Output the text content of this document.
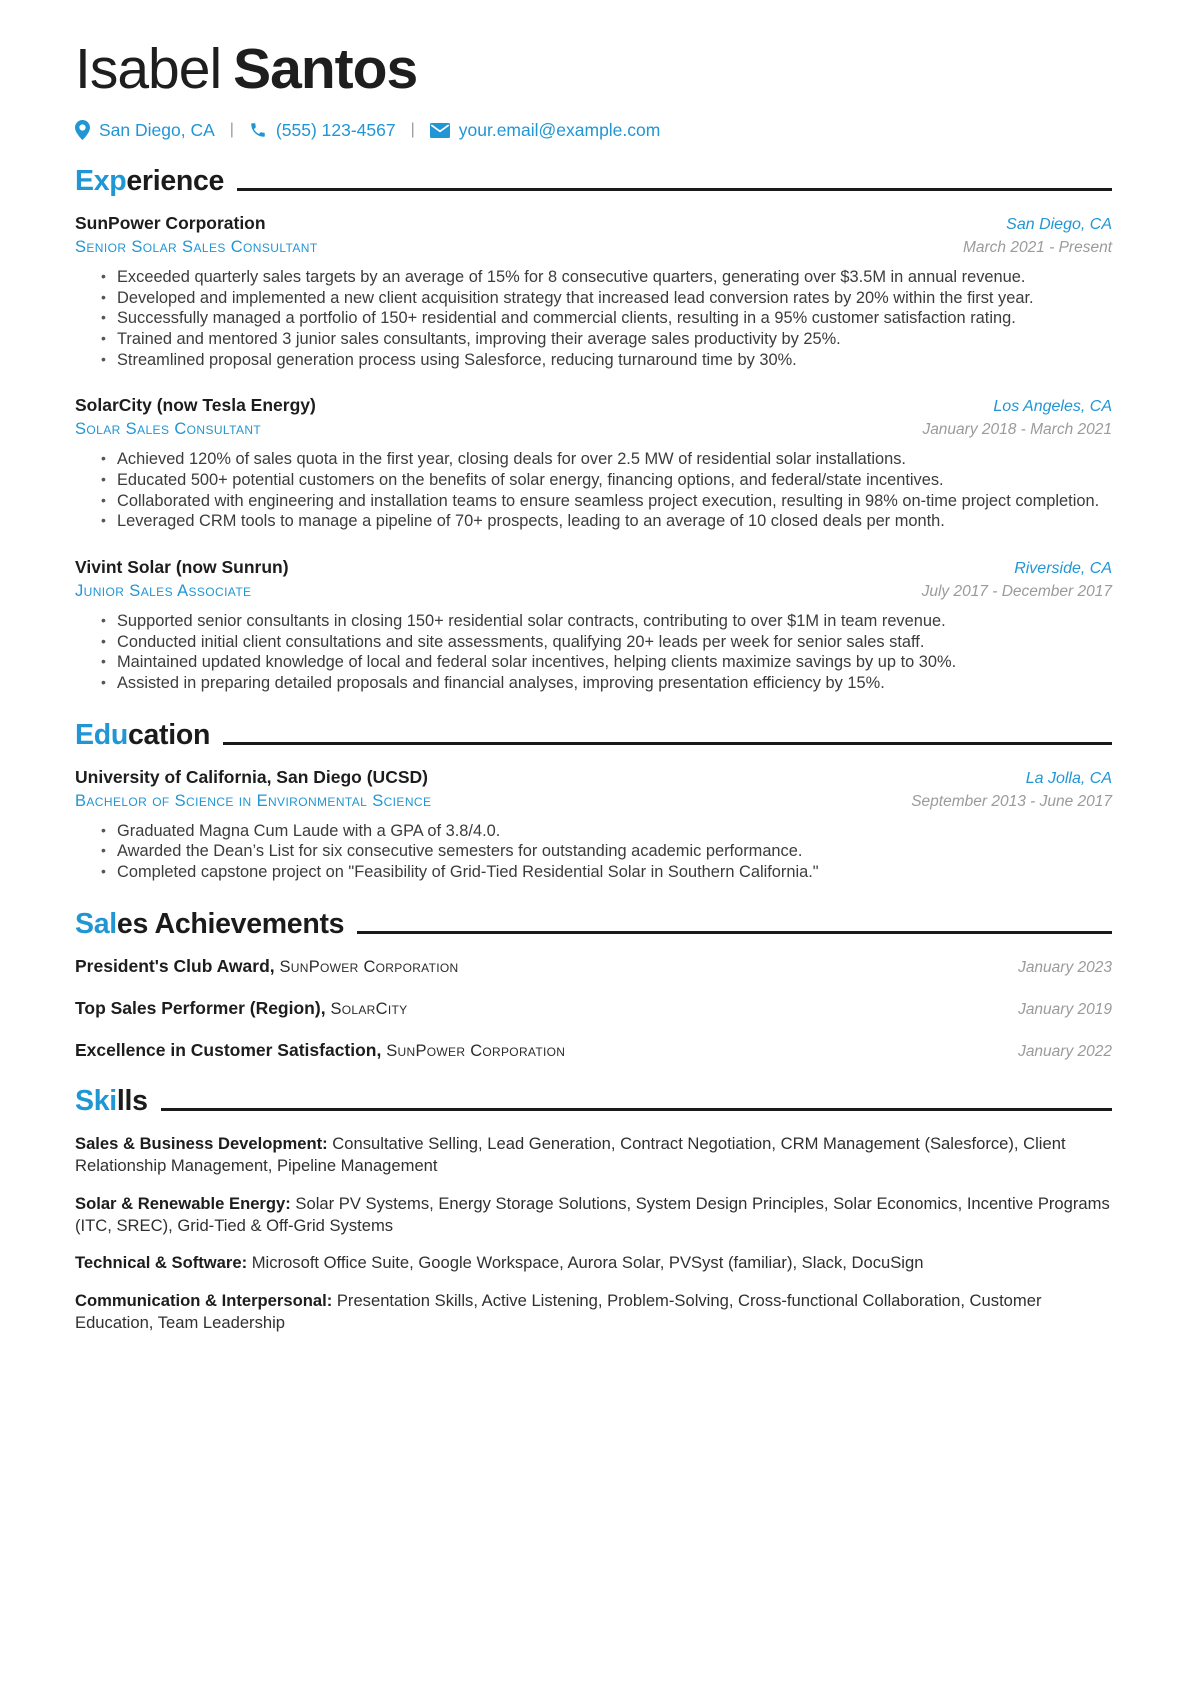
Isabel Santos
San Diego, CA | (555) 123-4567 |	your.email@example.com
Exp erience
SunPower Corporation	San Diego, CA
Senior Solar Sales Consultant	March 2021 - Present
• Exceeded quarterly sales targets by an average of 15% for 8 consecutive quarters, generating over $3.5M in annual revenue.
• Developed and implemented a new client acquisition strategy that increased lead conversion rates by 20% within the first year.
• Successfully managed a portfolio of 150+ residential and commercial clients, resulting in a 95% customer satisfaction rating.
• Trained and mentored 3 junior sales consultants, improving their average sales productivity by 25%.
• Streamlined proposal generation process using Salesforce, reducing turnaround time by 30%.
SolarCity (now Tesla Energy)	Los Angeles, CA
Solar Sales Consultant	January 2018 - March 2021
• Achieved 120% of sales quota in the first year, closing deals for over 2.5 MW of residential solar installations.
• Educated 500+ potential customers on the benefits of solar energy, financing options, and federal/state incentives.
• Collaborated with engineering and installation teams to ensure seamless project execution, resulting in 98% on-time project completion.
• Leveraged CRM tools to manage a pipeline of 70+ prospects, leading to an average of 10 closed deals per month.
Vivint Solar (now Sunrun)	Riverside, CA
Junior Sales Associate	July 2017 - December 2017
• Supported senior consultants in closing 150+ residential solar contracts, contributing to over $1M in team revenue.
• Conducted initial client consultations and site assessments, qualifying 20+ leads per week for senior sales staff.
• Maintained updated knowledge of local and federal solar incentives, helping clients maximize savings by up to 30%.
• Assisted in preparing detailed proposals and financial analyses, improving presentation efficiency by 15%.
Edu cation
University of California, San Diego (UCSD)	La Jolla, CA
Bachelor of Science in Environmental Science	September 2013 - June 2017
• Graduated Magna Cum Laude with a GPA of 3.8/4.0.
• Awarded the Dean’s List for six consecutive semesters for outstanding academic performance.
• Completed capstone project on "Feasibility of Grid-Tied Residential Solar in Southern California."
Sal es Achievements
President's Club Award, SunPower Corporation	January 2023
Top Sales Performer (Region), SolarCity	January 2019
Excellence in Customer Satisfaction, SunPower Corporation	January 2022
Ski lls

Sales & Business Development: Consultative Selling, Lead Generation, Contract Negotiation, CRM Management (Salesforce), Client Relationship Management, Pipeline Management

Solar & Renewable Energy: Solar PV Systems, Energy Storage Solutions, System Design Principles, Solar Economics, Incentive Programs (ITC, SREC), Grid-Tied & Off-Grid Systems

Technical & Software: Microsoft Office Suite, Google Workspace, Aurora Solar, PVSyst (familiar), Slack, DocuSign

Communication & Interpersonal: Presentation Skills, Active Listening, Problem-Solving, Cross-functional Collaboration, Customer Education, Team Leadership
